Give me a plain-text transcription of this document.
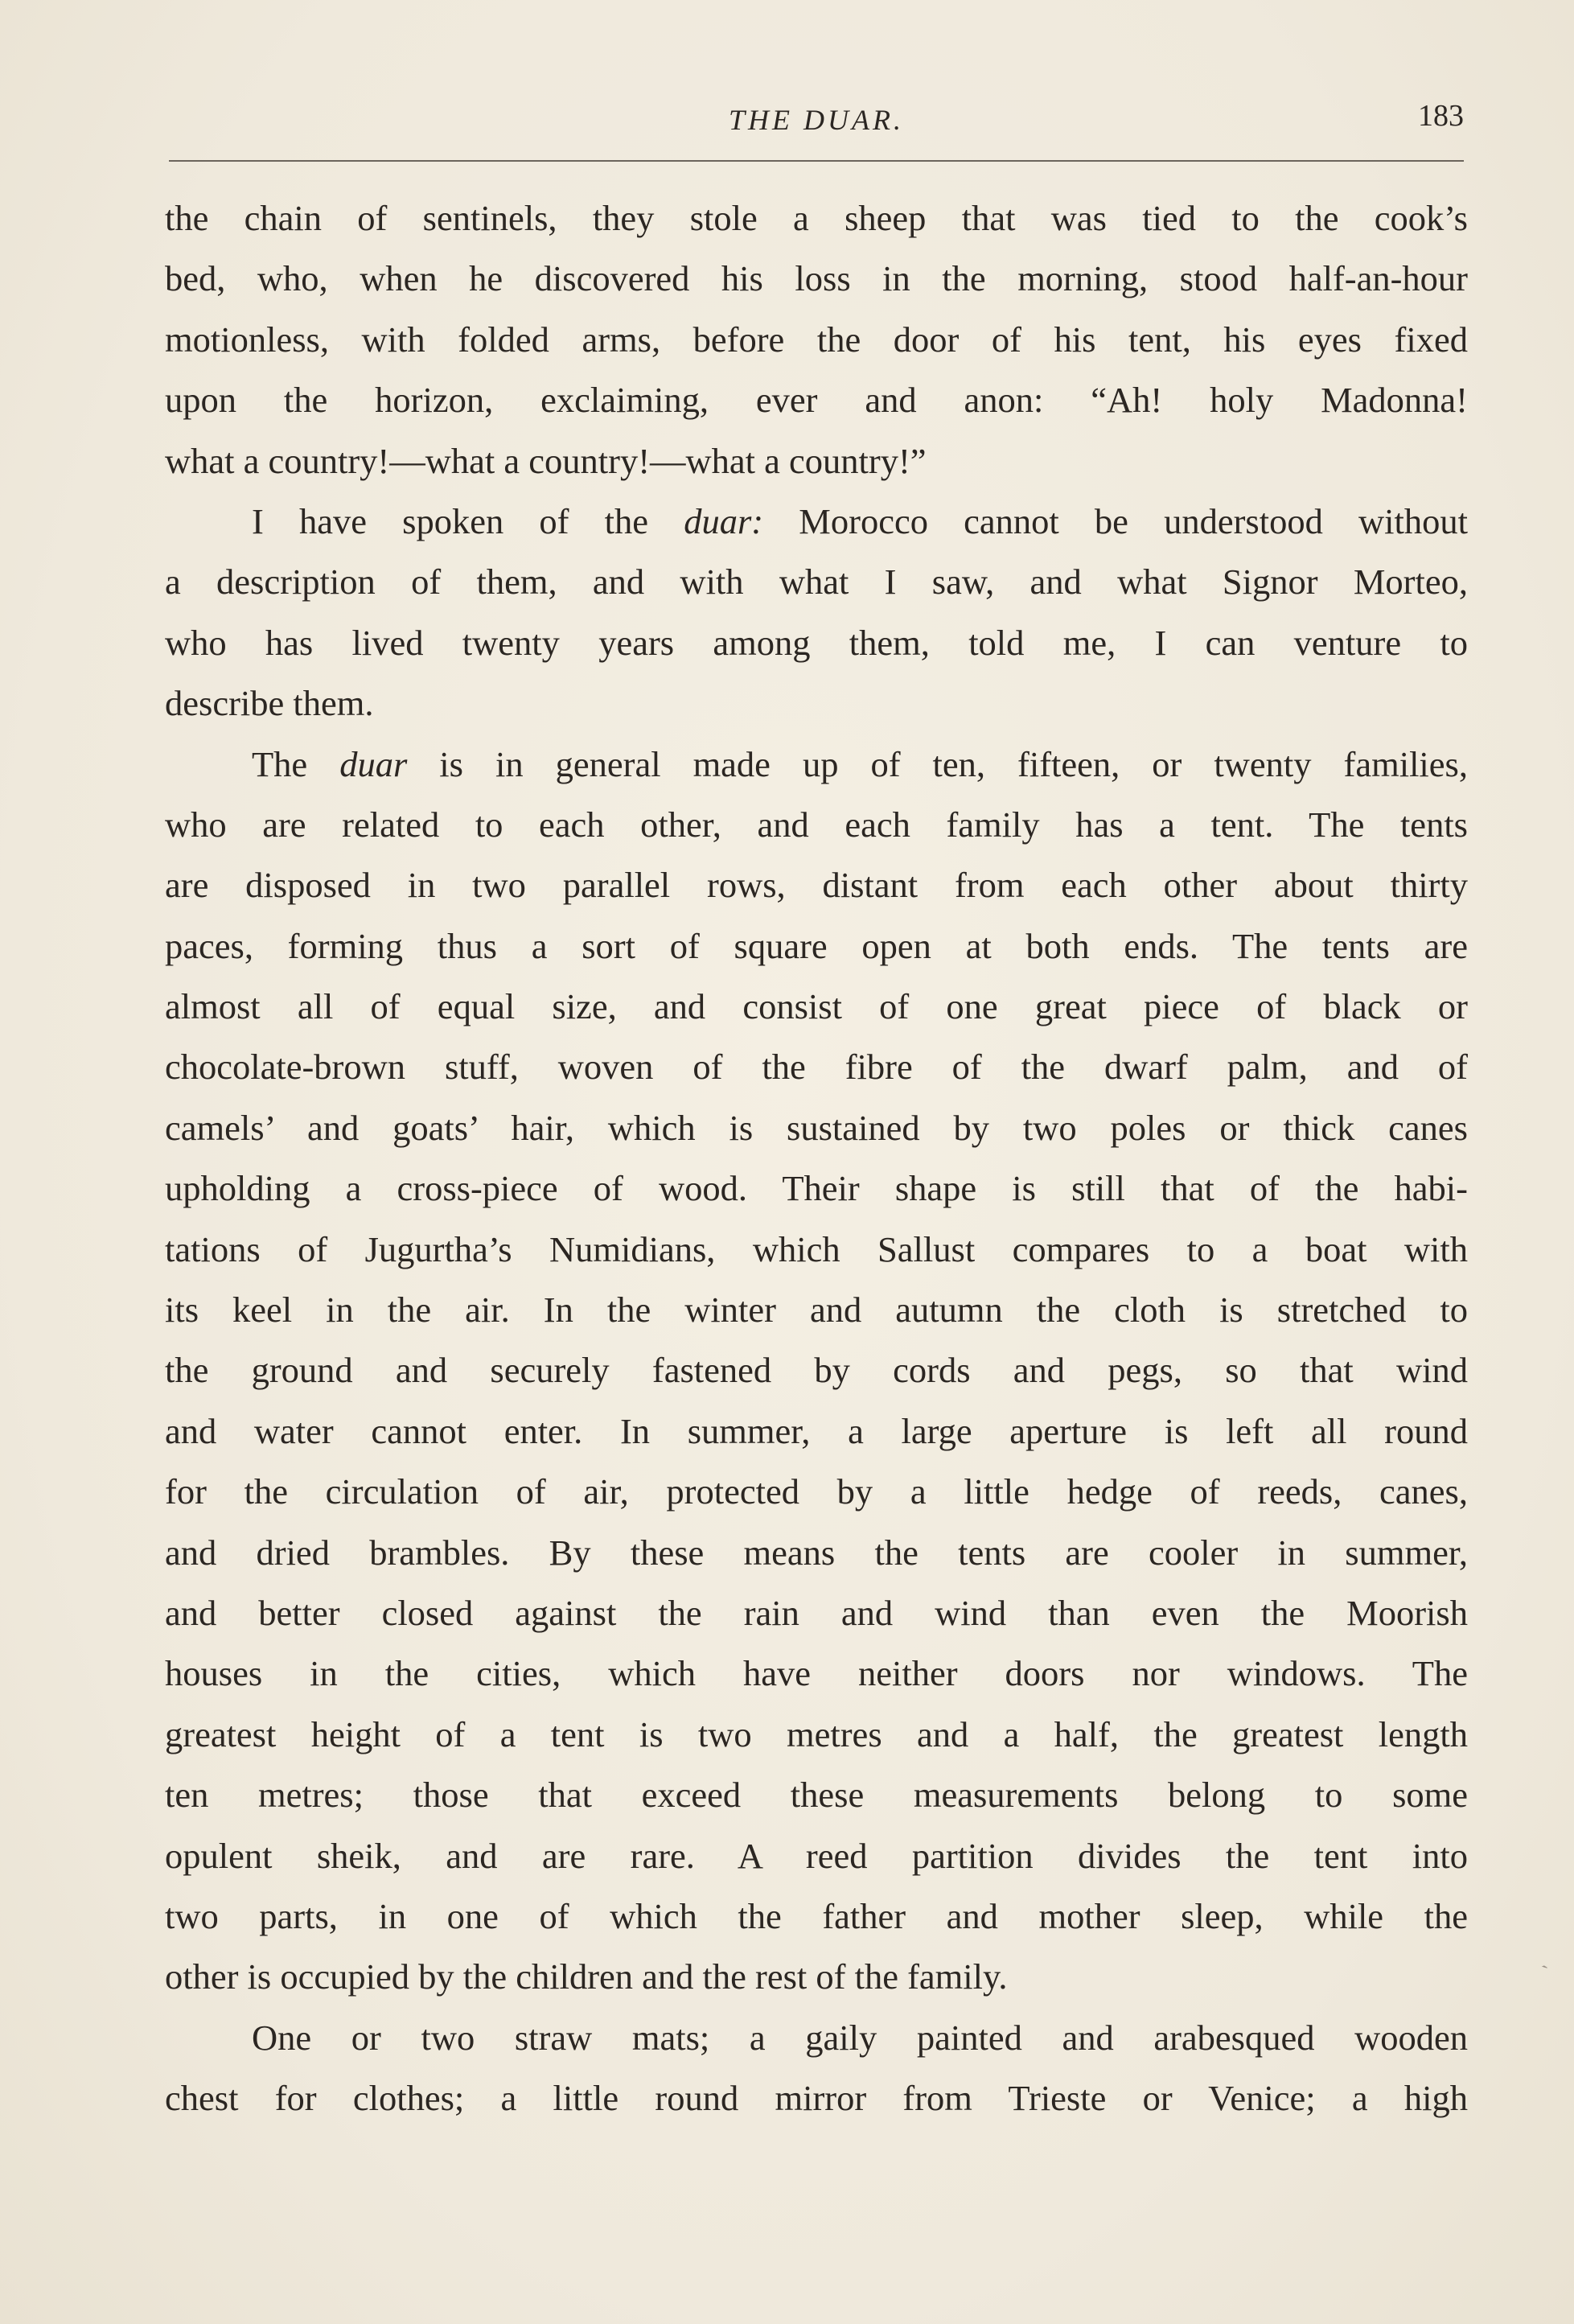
THE DUAR.	183
the chain of sentinels, they stole a sheep that was tied to the cook’s
bed, who, when he discovered his loss in the morning, stood half-an-hour
motionless, with folded arms, before the door of his tent, his eyes fixed
upon the horizon, exclaiming, ever and anon: “Ah! holy Madonna!
what a country!—what a country!—what a country!”
I have spoken of the duar: Morocco cannot be understood without
a description of them, and with what I saw, and what Signor Morteo,
who has lived twenty years among them, told me, I can venture to
describe them.
The duar is in general made up of ten, fifteen, or twenty families,
who are related to each other, and each family has a tent. The tents
are disposed in two parallel rows, distant from each other about thirty
paces, forming thus a sort of square open at both ends. The tents are
almost all of equal size, and consist of one great piece of black or
chocolate-brown stuff, woven of the fibre of the dwarf palm, and of
camels’ and goats’ hair, which is sustained by two poles or thick canes
upholding a cross-piece of wood. Their shape is still that of the habi-
tations of Jugurtha’s Numidians, which Sallust compares to a boat with
its keel in the air. In the winter and autumn the cloth is stretched to
the ground and securely fastened by cords and pegs, so that wind
and water cannot enter. In summer, a large aperture is left all round
for the circulation of air, protected by a little hedge of reeds, canes,
and dried brambles. By these means the tents are cooler in summer,
and better closed against the rain and wind than even the Moorish
houses in the cities, which have neither doors nor windows. The
greatest height of a tent is two metres and a half, the greatest length
ten metres; those that exceed these measurements belong to some
opulent sheik, and are rare. A reed partition divides the tent into
two parts, in one of which the father and mother sleep, while the
other is occupied by the children and the rest of the family.
One or two straw mats; a gaily painted and arabesqued wooden
chest for clothes; a little round mirror from Trieste or Venice; a high
ˏ
